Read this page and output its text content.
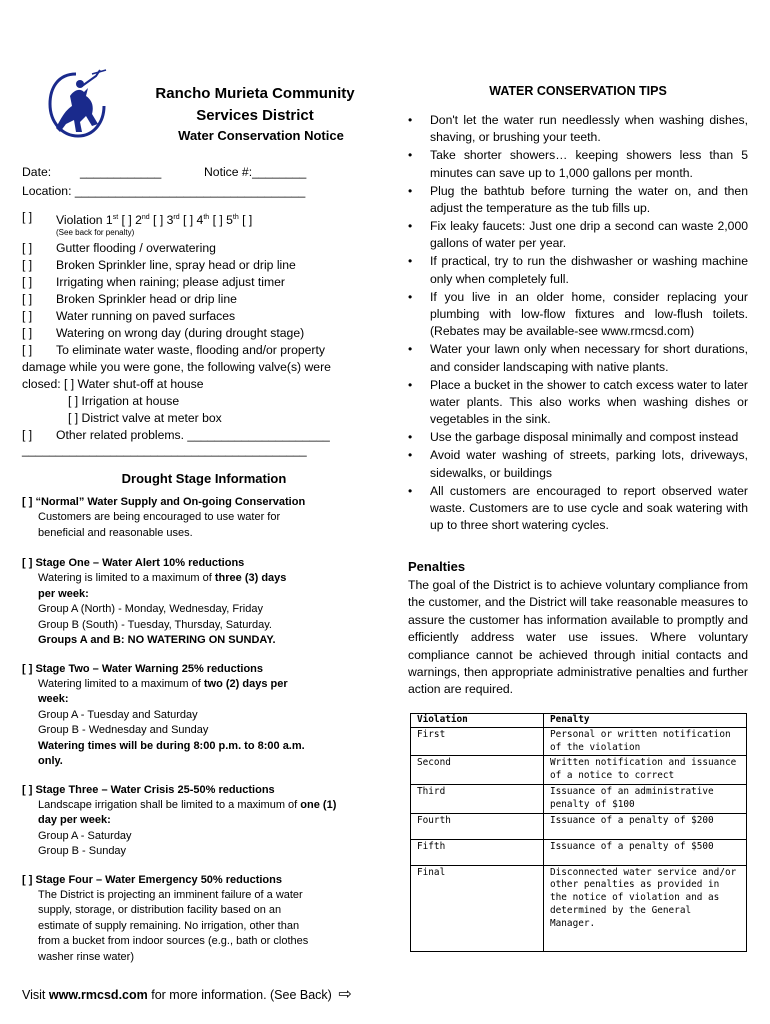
Rancho Murieta Community
Services District
Water Conservation Notice
Date: ____________	Notice #:________
Location: __________________________________
[ ]	Violation 1st [ ] 2nd [ ] 3rd [ ] 4th [ ] 5th [ ]
(See back for penalty)
[ ]	Gutter flooding / overwatering
[ ]	Broken Sprinkler line, spray head or drip line
[ ]	Irrigating when raining; please adjust timer
[ ]	Broken Sprinkler head or drip line
[ ]	Water running on paved surfaces
[ ]	Watering on wrong day (during drought stage)
[ ]	To eliminate water waste, flooding and/or property
damage while you were gone, the following valve(s) were
closed: [ ] Water shut-off at house
[ ] Irrigation at house
[ ] District valve at meter box
[ ]	Other related problems. _____________________
__________________________________________
Drought Stage Information
[ ] “Normal” Water Supply and On-going Conservation
Customers are being encouraged to use water for
beneficial and reasonable uses.
[ ] Stage One – Water Alert 10% reductions
Watering is limited to a maximum of three (3) days
per week:
Group A (North) - Monday, Wednesday, Friday
Group B (South) - Tuesday, Thursday, Saturday.
Groups A and B: NO WATERING ON SUNDAY.
[ ] Stage Two – Water Warning 25% reductions
Watering limited to a maximum of two (2) days per
week:
Group A - Tuesday and Saturday
Group B - Wednesday and Sunday
Watering times will be during 8:00 p.m. to 8:00 a.m.
only.
[ ] Stage Three – Water Crisis 25-50% reductions
Landscape irrigation shall be limited to a maximum of one (1)
day per week:
Group A - Saturday
Group B - Sunday
[ ] Stage Four – Water Emergency 50% reductions
The District is projecting an imminent failure of a water
supply, storage, or distribution facility based on an
estimate of supply remaining. No irrigation, other than
from a bucket from indoor sources (e.g., bath or clothes
washer rinse water)
Visit www.rmcsd.com for more information. (See Back) ⇨
WATER CONSERVATION TIPS
• Don't let the water run needlessly when washing dishes, shaving, or brushing your teeth.
• Take shorter showers… keeping showers less than 5 minutes can save up to 1,000 gallons per month.
• Plug the bathtub before turning the water on, and then adjust the temperature as the tub fills up.
• Fix leaky faucets: Just one drip a second can waste 2,000 gallons of water per year.
• If practical, try to run the dishwasher or washing machine only when completely full.
• If you live in an older home, consider replacing your plumbing with low-flow fixtures and low-flush toilets. (Rebates may be available-see www.rmcsd.com)
• Water your lawn only when necessary for short durations, and consider landscaping with native plants.
• Place a bucket in the shower to catch excess water to later water plants. This also works when washing dishes or vegetables in the sink.
• Use the garbage disposal minimally and compost instead
• Avoid water washing of streets, parking lots, driveways, sidewalks, or buildings
• All customers are encouraged to report observed water waste. Customers are to use cycle and soak watering with up to three short watering cycles.
Penalties
The goal of the District is to achieve voluntary compliance from the customer, and the District will take reasonable measures to assure the customer has information available to promptly and efficiently address water use issues. Where voluntary compliance cannot be achieved through initial contacts and warnings, then appropriate administrative penalties and further action are required.
Violation	Penalty
First	Personal or written notification of the violation
Second	Written notification and issuance of a notice to correct
Third	Issuance of an administrative penalty of $100
Fourth	Issuance of a penalty of $200
Fifth	Issuance of a penalty of $500
Final	Disconnected water service and/or other penalties as provided in the notice of violation and as determined by the General Manager.
